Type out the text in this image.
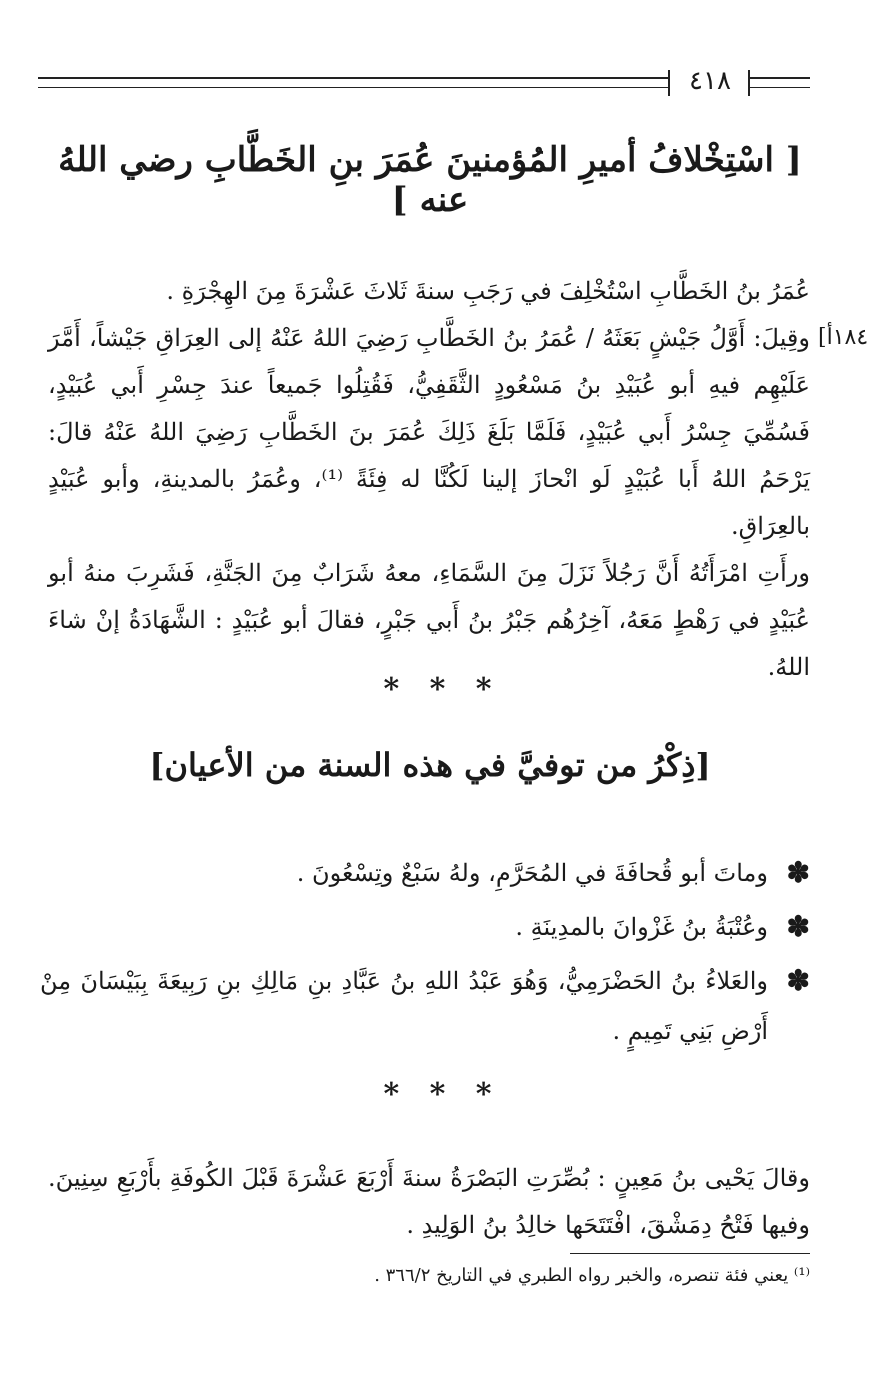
٤١٨
[ اسْتِخْلافُ أميرِ المُؤمنينَ عُمَرَ بنِ الخَطَّابِ رضي اللهُ عنه ]
١٨٤أ]
عُمَرُ بنُ الخَطَّابِ اسْتُخْلِفَ في رَجَبِ سنةَ ثَلاثَ عَشْرَةَ مِنَ الهِجْرَةِ .
وقِيلَ: أَوَّلُ جَيْشٍ بَعَثَهُ / عُمَرُ بنُ الخَطَّابِ رَضِيَ اللهُ عَنْهُ إلى العِرَاقِ جَيْشاً، أَمَّرَ عَلَيْهِم فيهِ أبو عُبَيْدِ بنُ مَسْعُودٍ الثَّقَفِيُّ، فَقُتِلُوا جَميعاً عندَ جِسْرِ أَبي عُبَيْدٍ، فَسُمِّيَ جِسْرُ أَبي عُبَيْدٍ، فَلَمَّا بَلَغَ ذَلِكَ عُمَرَ بنَ الخَطَّابِ رَضِيَ اللهُ عَنْهُ قالَ: يَرْحَمُ اللهُ أَبا عُبَيْدٍ لَو انْحازَ إلينا لَكُنَّا له فِئَةً ⁽¹⁾، وعُمَرُ بالمدينةِ، وأبو عُبَيْدٍ بالعِرَاقِ.
ورأَتِ امْرَأَتُهُ أَنَّ رَجُلاً نَزَلَ مِنَ السَّمَاءِ، معهُ شَرَابٌ مِنَ الجَنَّةِ، فَشَرِبَ منهُ أبو عُبَيْدٍ في رَهْطٍ مَعَهُ، آخِرُهُم جَبْرُ بنُ أَبي جَبْرٍ، فقالَ أبو عُبَيْدٍ : الشَّهَادَةُ إنْ شاءَ اللهُ.
* * *
[ذِكْرُ من توفيَّ في هذه السنة من الأعيان]
✽
وماتَ أبو قُحافَةَ في المُحَرَّمِ، ولهُ سَبْعٌ وتِسْعُونَ .
✽
وعُتْبَةُ بنُ غَزْوانَ بالمدِينَةِ .
✽
والعَلاءُ بنُ الحَضْرَمِيُّ، وَهُوَ عَبْدُ اللهِ بنُ عَبَّادِ بنِ مَالِكِ بنِ رَبِيعَةَ بِبَيْسَانَ مِنْ أَرْضِ بَنِي تَمِيمٍ .
* * *
وقالَ يَحْيى بنُ مَعِينٍ : بُصِّرَتِ البَصْرَةُ سنةَ أَرْبَعَ عَشْرَةَ قَبْلَ الكُوفَةِ بأَرْبَعِ سِنِينَ. وفيها فَتْحُ دِمَشْقَ، افْتَتَحَها خالِدُ بنُ الوَلِيدِ .
⁽¹⁾ يعني فئة تنصره، والخبر رواه الطبري في التاريخ ٣٦٦/٢ .
